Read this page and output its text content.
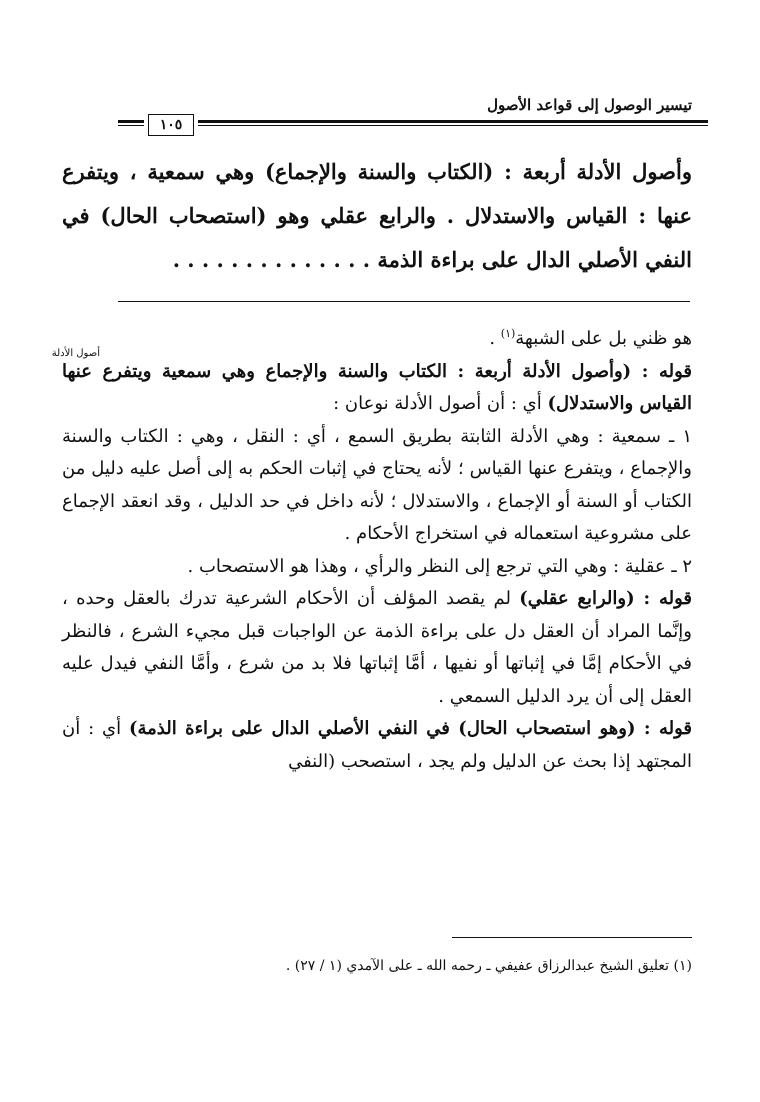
تيسير الوصول إلى قواعد الأصول
١٠٥

وأصول الأدلة أربعة : (الكتاب والسنة والإجماع) وهي سمعية ، ويتفرع عنها : القياس والاستدلال . والرابع عقلي وهو (استصحاب الحال) في النفي الأصلي الدال على براءة الذمة . . . . . . . . . . . . . .

أصول الأدلة

هو ظني بل على الشبهة$^{(١)}$ .

قوله : (وأصول الأدلة أربعة : الكتاب والسنة والإجماع وهي سمعية ويتفرع عنها القياس والاستدلال) أي : أن أصول الأدلة نوعان :

١ ـ سمعية : وهي الأدلة الثابتة بطريق السمع ، أي : النقل ، وهي : الكتاب والسنة والإجماع ، ويتفرع عنها القياس ؛ لأنه يحتاج في إثبات الحكم به إلى أصل عليه دليل من الكتاب أو السنة أو الإجماع ، والاستدلال ؛ لأنه داخل في حد الدليل ، وقد انعقد الإجماع على مشروعية استعماله في استخراج الأحكام .

٢ ـ عقلية : وهي التي ترجع إلى النظر والرأي ، وهذا هو الاستصحاب .

قوله : (والرابع عقلي) لم يقصد المؤلف أن الأحكام الشرعية تدرك بالعقل وحده ، وإنَّما المراد أن العقل دل على براءة الذمة عن الواجبات قبل مجيء الشرع ، فالنظر في الأحكام إمَّا في إثباتها أو نفيها ، أمَّا إثباتها فلا بد من شرع ، وأمَّا النفي فيدل عليه العقل إلى أن يرد الدليل السمعي .

قوله : (وهو استصحاب الحال) في النفي الأصلي الدال على براءة الذمة) أي : أن المجتهد إذا بحث عن الدليل ولم يجد ، استصحب (النفي

(١) تعليق الشيخ عبدالرزاق عفيفي ـ رحمه الله ـ على الآمدي (١ / ٢٧) .
